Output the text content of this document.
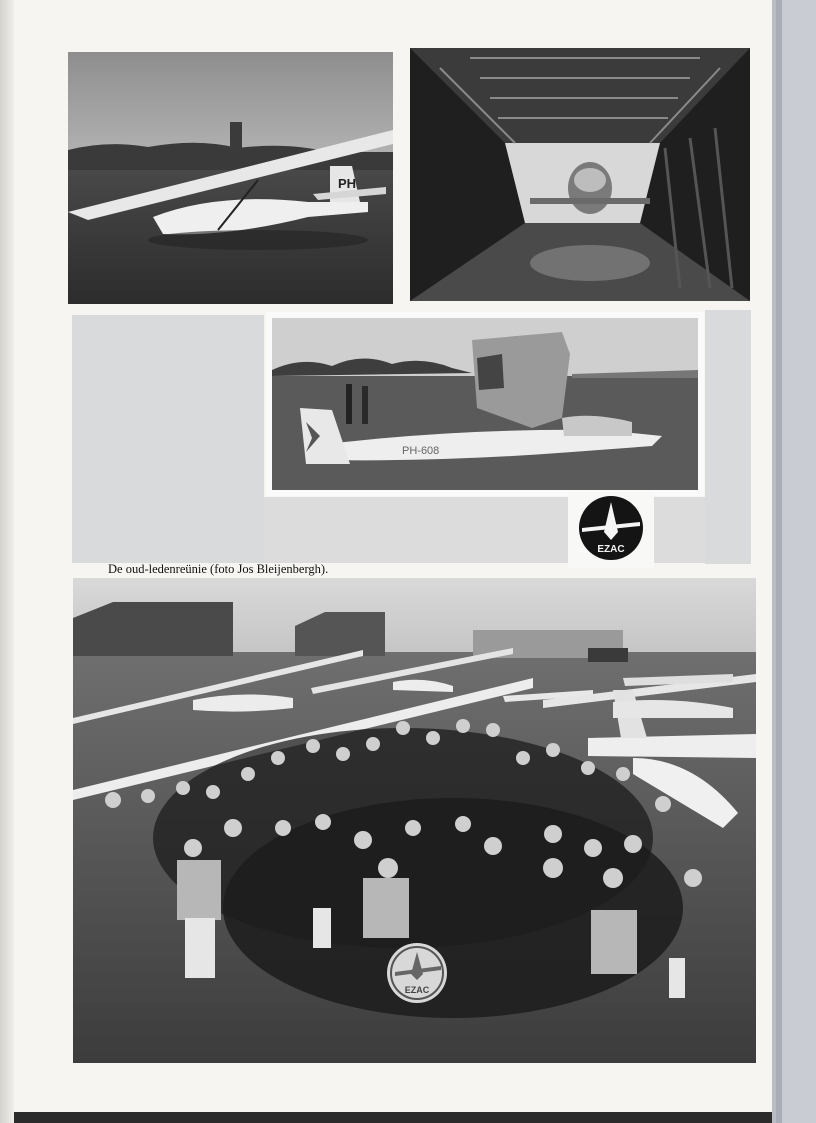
PH
PH-608
EZAC
De oud-ledenreünie (foto Jos Bleijenbergh).
EZAC
